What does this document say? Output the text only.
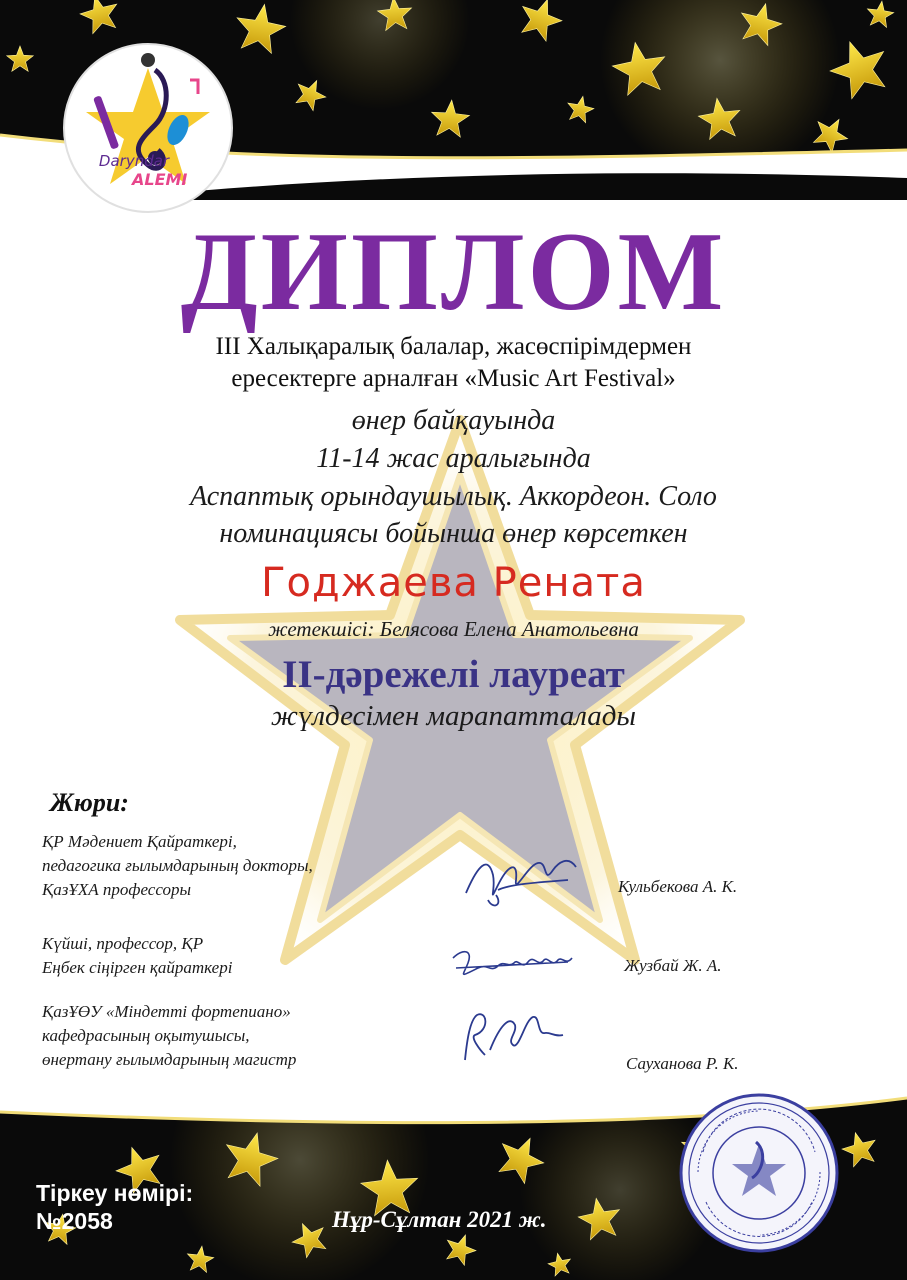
Daryndar
ALEMI
ДИПЛОМ
III Халықаралық балалар, жасөспірімдермен
ересектерге арналған «Music Art Festival»
өнер байқауында
11-14 жас аралығында
Аспаптық орындаушылық. Аккордеон. Соло
номинациясы бойынша өнер көрсеткен
Годжаева Рената
жетекшісі: Белясова Елена Анатольевна
II-дәрежелі лауреат
жүлдесімен марапатталады
Жюри:
ҚР Мәдениет Қайраткері,
педагогика ғылымдарының докторы,
ҚазҰХА профессоры	Кульбекова А. К.
Күйші, профессор, ҚР
Еңбек сіңірген қайраткері	Жузбай Ж. А.
ҚазҰӨУ «Міндетті фортепиано»
кафедрасының оқытушысы,
өнертану ғылымдарының магистр	Сауханова Р. К.
Тіркеу нөмірі:
№2058	Нұр-Сұлтан 2021 ж.
